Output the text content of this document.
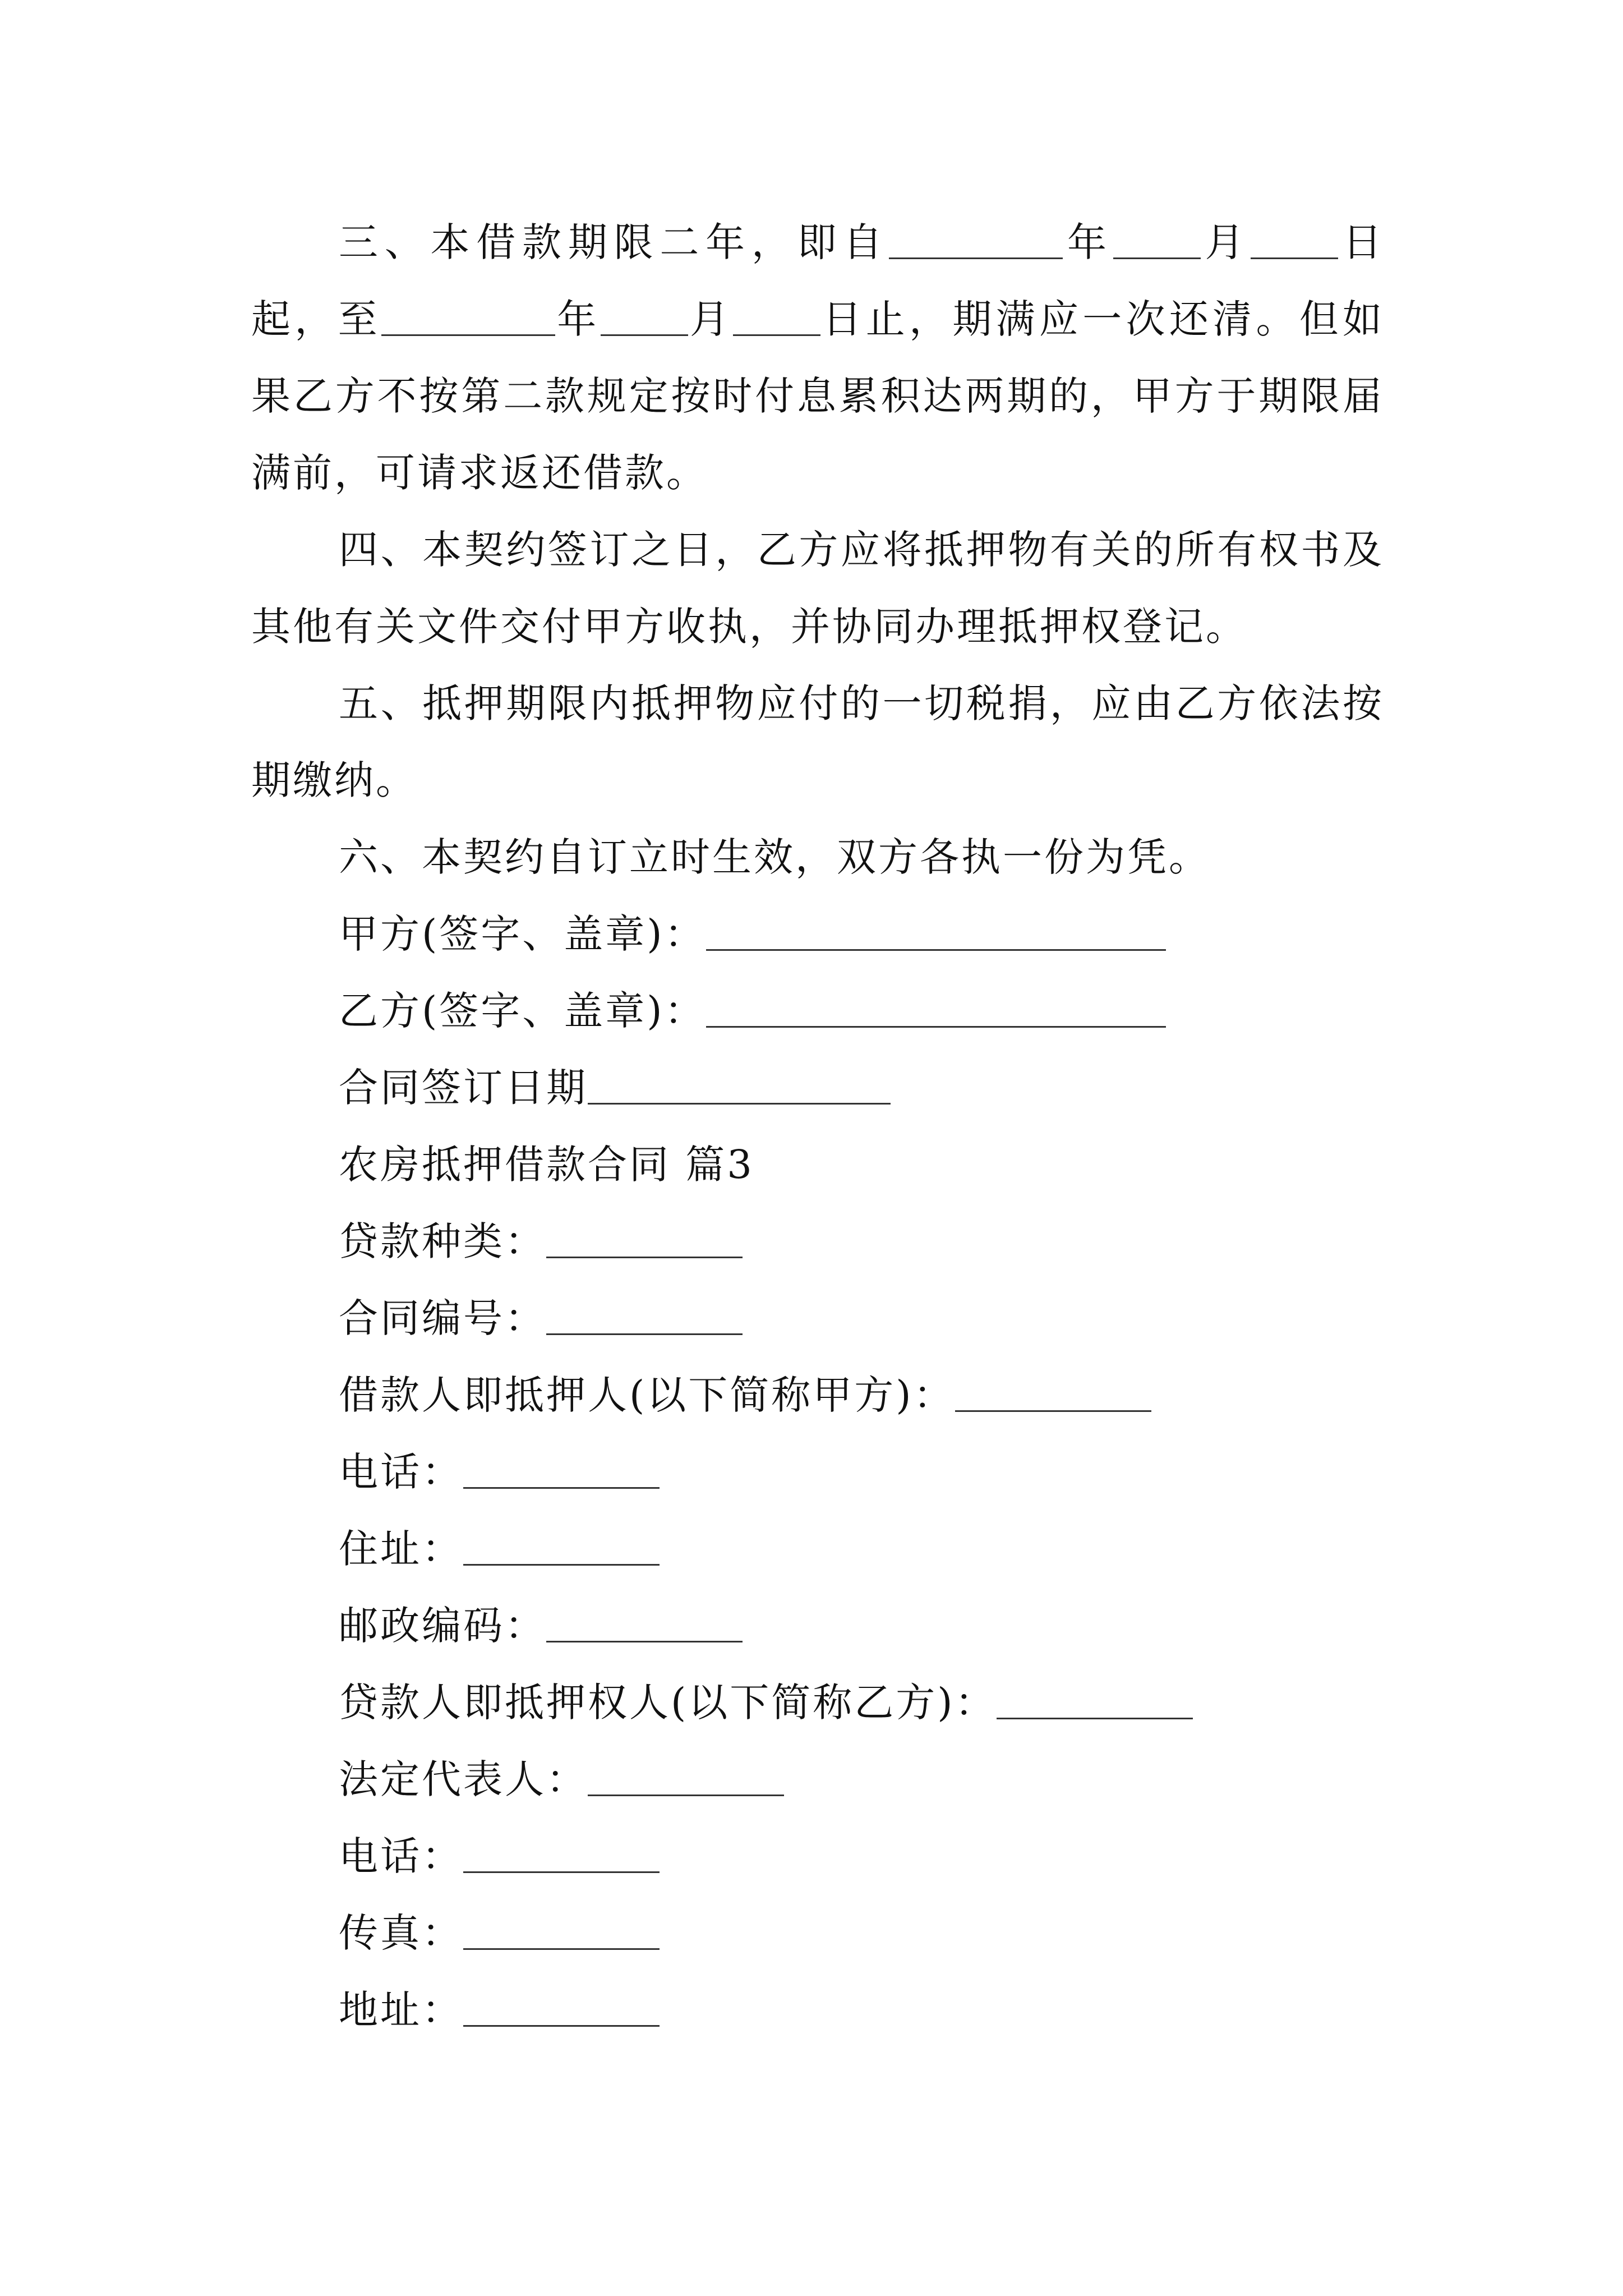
三、本借款期限二年，即自	年 月 日起，至	年 月 日止，期满应一次还清。但如果乙方不按第二款规定按时付息累积达两期的，甲方于期限届满前，可请求返还借款。

四、本契约签订之日，乙方应将抵押物有关的所有权书及其他有关文件交付甲方收执，并协同办理抵押权登记。

五、抵押期限内抵押物应付的一切税捐，应由乙方依法按期缴纳。

六、本契约自订立时生效，双方各执一份为凭。

甲方(签字、盖章)：
乙方(签字、盖章)：
合同签订日期
农房抵押借款合同 篇3
贷款种类：
合同编号：
借款人即抵押人(以下简称甲方)：
电话：
住址：
邮政编码：
贷款人即抵押权人(以下简称乙方)：
法定代表人：
电话：
传真：
地址：
